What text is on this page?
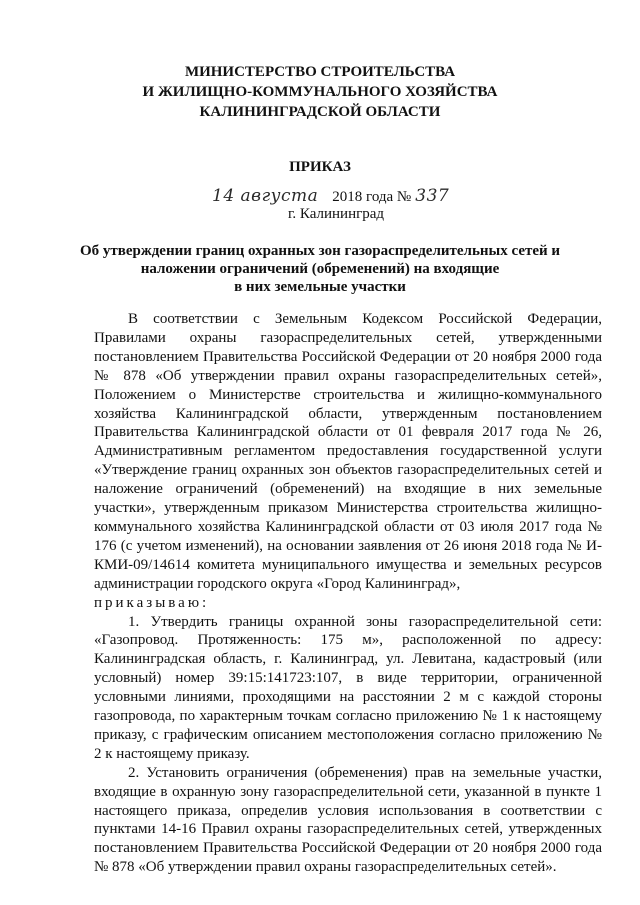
МИНИСТЕРСТВО СТРОИТЕЛЬСТВА
И ЖИЛИЩНО-КОММУНАЛЬНОГО ХОЗЯЙСТВА
КАЛИНИНГРАДСКОЙ ОБЛАСТИ
ПРИКАЗ
14 августа 2018 года № 337
г. Калининград
Об утверждении границ охранных зон газораспределительных сетей и
наложении ограничений (обременений) на входящие
в них земельные участки

В соответствии с Земельным Кодексом Российской Федерации, Правилами охраны газораспределительных сетей, утвержденными постановлением Правительства Российской Федерации от 20 ноября 2000 года № 878 «Об утверждении правил охраны газораспределительных сетей», Положением о Министерстве строительства и жилищно-коммунального хозяйства Калининградской области, утвержденным постановлением Правительства Калининградской области от 01 февраля 2017 года № 26, Административным регламентом предоставления государственной услуги «Утверждение границ охранных зон объектов газораспределительных сетей и наложение ограничений (обременений) на входящие в них земельные участки», утвержденным приказом Министерства строительства жилищно-коммунального хозяйства Калининградской области от 03 июля 2017 года № 176 (с учетом изменений), на основании заявления от 26 июня 2018 года № И-КМИ-09/14614 комитета муниципального имущества и земельных ресурсов администрации городского округа «Город Калининград»,
приказываю:

1. Утвердить границы охранной зоны газораспределительной сети: «Газопровод. Протяженность: 175 м», расположенной по адресу: Калининградская область, г. Калининград, ул. Левитана, кадастровый (или условный) номер 39:15:141723:107, в виде территории, ограниченной условными линиями, проходящими на расстоянии 2 м с каждой стороны газопровода, по характерным точкам согласно приложению № 1 к настоящему приказу, с графическим описанием местоположения согласно приложению № 2 к настоящему приказу.

2. Установить ограничения (обременения) прав на земельные участки, входящие в охранную зону газораспределительной сети, указанной в пункте 1 настоящего приказа, определив условия использования в соответствии с пунктами 14-16 Правил охраны газораспределительных сетей, утвержденных постановлением Правительства Российской Федерации от 20 ноября 2000 года № 878 «Об утверждении правил охраны газораспределительных сетей».
